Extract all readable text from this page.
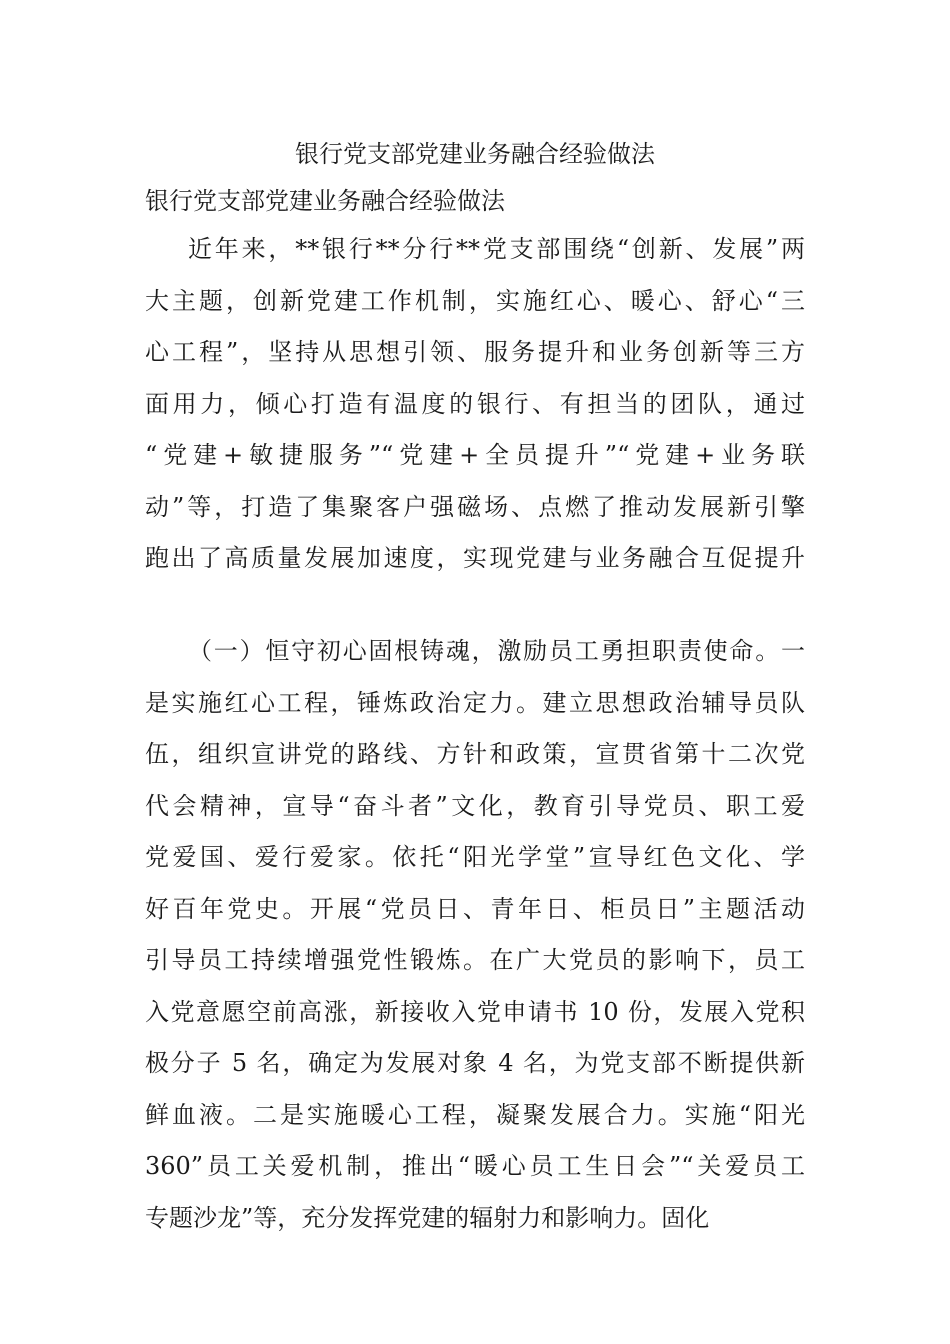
银行党支部党建业务融合经验做法
银行党支部党建业务融合经验做法
近年来，**银行**分行**党支部围绕“创新、发展”两
大主题，创新党建工作机制，实施红心、暖心、舒心“三
心工程”，坚持从思想引领、服务提升和业务创新等三方
面用力，倾心打造有温度的银行、有担当的团队，通过
“党建+敏捷服务”“党建+全员提升”“党建+业务联
动”等，打造了集聚客户强磁场、点燃了推动发展新引擎
跑出了高质量发展加速度，实现党建与业务融合互促提升
（一）恒守初心固根铸魂，激励员工勇担职责使命。一
是实施红心工程，锤炼政治定力。建立思想政治辅导员队
伍，组织宣讲党的路线、方针和政策，宣贯省第十二次党
代会精神，宣导“奋斗者”文化，教育引导党员、职工爱
党爱国、爱行爱家。依托“阳光学堂”宣导红色文化、学
好百年党史。开展“党员日、青年日、柜员日”主题活动
引导员工持续增强党性锻炼。在广大党员的影响下，员工
入党意愿空前高涨，新接收入党申请书 10 份，发展入党积
极分子 5 名，确定为发展对象 4 名，为党支部不断提供新
鲜血液。二是实施暖心工程，凝聚发展合力。实施“阳光
360”员工关爱机制，推出“暖心员工生日会”“关爱员工
专题沙龙”等，充分发挥党建的辐射力和影响力。固化
